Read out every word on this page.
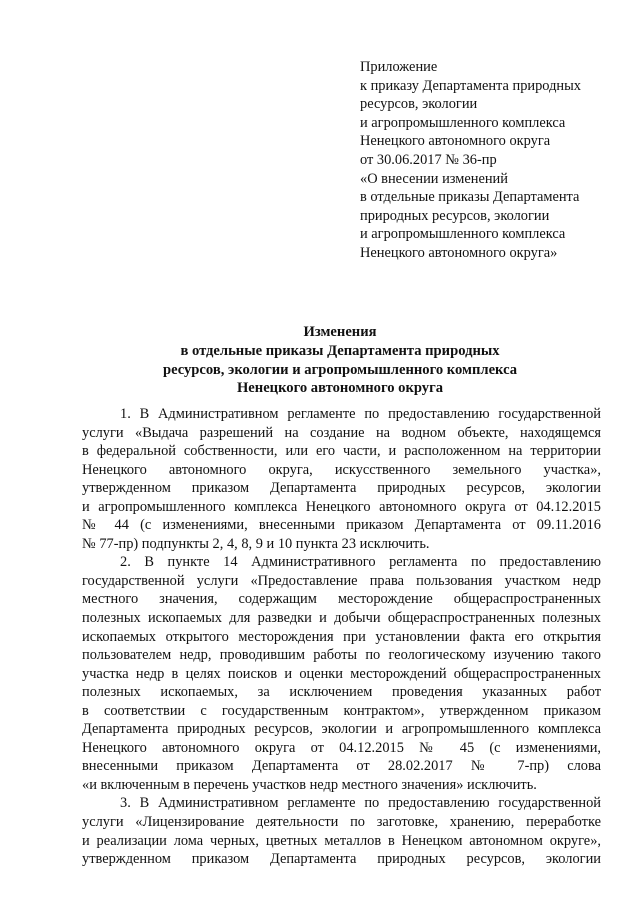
Приложение
к приказу Департамента природных
ресурсов, экологии
и агропромышленного комплекса
Ненецкого автономного округа
от 30.06.2017 № 36-пр
«О внесении изменений
в отдельные приказы Департамента
природных ресурсов, экологии
и агропромышленного комплекса
Ненецкого автономного округа»
Изменения
в отдельные приказы Департамента природных
ресурсов, экологии и агропромышленного комплекса
Ненецкого автономного округа
1. В Административном регламенте по предоставлению государственной
услуги «Выдача разрешений на создание на водном объекте, находящемся
в федеральной собственности, или его части, и расположенном на территории
Ненецкого автономного округа, искусственного земельного участка»,
утвержденном приказом Департамента природных ресурсов, экологии
и агропромышленного комплекса Ненецкого автономного округа от 04.12.2015
№ 44 (с изменениями, внесенными приказом Департамента от 09.11.2016
№ 77-пр) подпункты 2, 4, 8, 9 и 10 пункта 23 исключить.
2. В пункте 14 Административного регламента по предоставлению
государственной услуги «Предоставление права пользования участком недр
местного значения, содержащим месторождение общераспространенных
полезных ископаемых для разведки и добычи общераспространенных полезных
ископаемых открытого месторождения при установлении факта его открытия
пользователем недр, проводившим работы по геологическому изучению такого
участка недр в целях поисков и оценки месторождений общераспространенных
полезных ископаемых, за исключением проведения указанных работ
в соответствии с государственным контрактом», утвержденном приказом
Департамента природных ресурсов, экологии и агропромышленного комплекса
Ненецкого автономного округа от 04.12.2015 № 45 (с изменениями,
внесенными приказом Департамента от 28.02.2017 № 7-пр) слова
«и включенным в перечень участков недр местного значения» исключить.
3. В Административном регламенте по предоставлению государственной
услуги «Лицензирование деятельности по заготовке, хранению, переработке
и реализации лома черных, цветных металлов в Ненецком автономном округе»,
утвержденном приказом Департамента природных ресурсов, экологии
